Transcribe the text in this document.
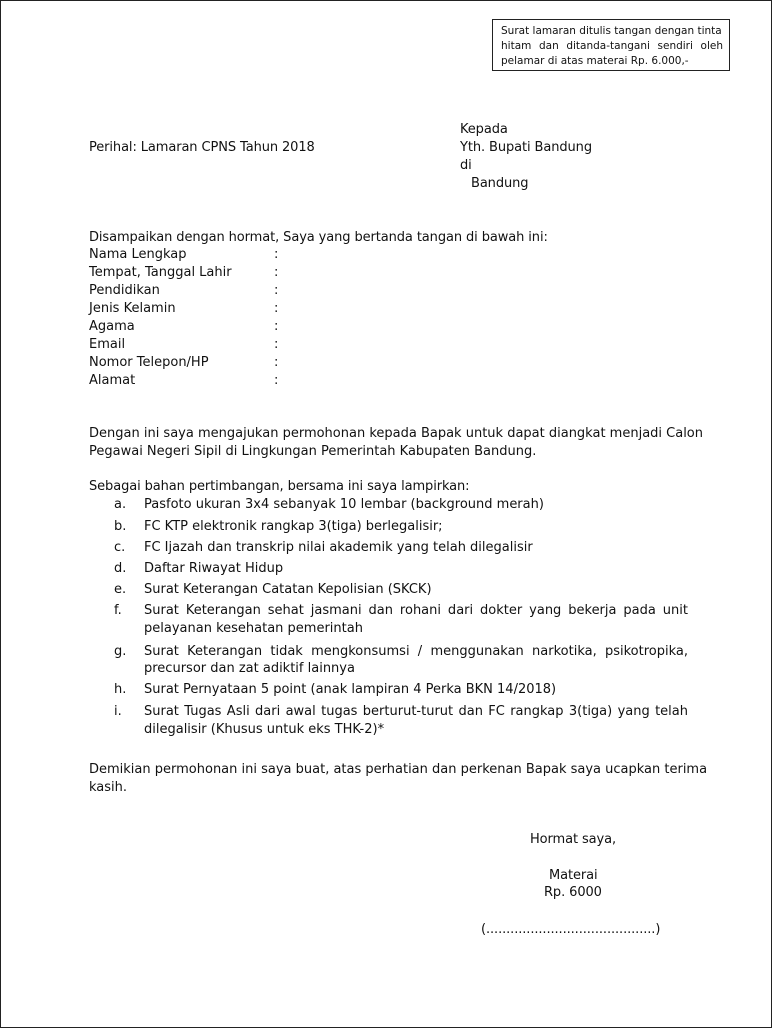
Surat lamaran ditulis tangan dengan tinta
hitam dan ditanda-tangani sendiri oleh
pelamar di atas materai Rp. 6.000,-
Kepada
Yth. Bupati Bandung
di
Bandung
Perihal: Lamaran CPNS Tahun 2018
Disampaikan dengan hormat, Saya yang bertanda tangan di bawah ini:
Nama Lengkap	:
Tempat, Tanggal Lahir	:
Pendidikan	:
Jenis Kelamin	:
Agama	:
Email	:
Nomor Telepon/HP	:
Alamat	:
Dengan ini saya mengajukan permohonan kepada Bapak untuk dapat diangkat menjadi Calon
Pegawai Negeri Sipil di Lingkungan Pemerintah Kabupaten Bandung.
Sebagai bahan pertimbangan, bersama ini saya lampirkan:
a. Pasfoto ukuran 3x4 sebanyak 10 lembar (background merah)
b. FC KTP elektronik rangkap 3(tiga) berlegalisir;
c. FC Ijazah dan transkrip nilai akademik yang telah dilegalisir
d. Daftar Riwayat Hidup
e. Surat Keterangan Catatan Kepolisian (SKCK)
f. Surat Keterangan sehat jasmani dan rohani dari dokter yang bekerja pada unit
pelayanan kesehatan pemerintah
g. Surat Keterangan tidak mengkonsumsi / menggunakan narkotika, psikotropika,
precursor dan zat adiktif lainnya
h. Surat Pernyataan 5 point (anak lampiran 4 Perka BKN 14/2018)
i. Surat Tugas Asli dari awal tugas berturut-turut dan FC rangkap 3(tiga) yang telah
dilegalisir (Khusus untuk eks THK-2)*
Demikian permohonan ini saya buat, atas perhatian dan perkenan Bapak saya ucapkan terima
kasih.
Hormat saya,
Materai
Rp. 6000
(..........................................)
